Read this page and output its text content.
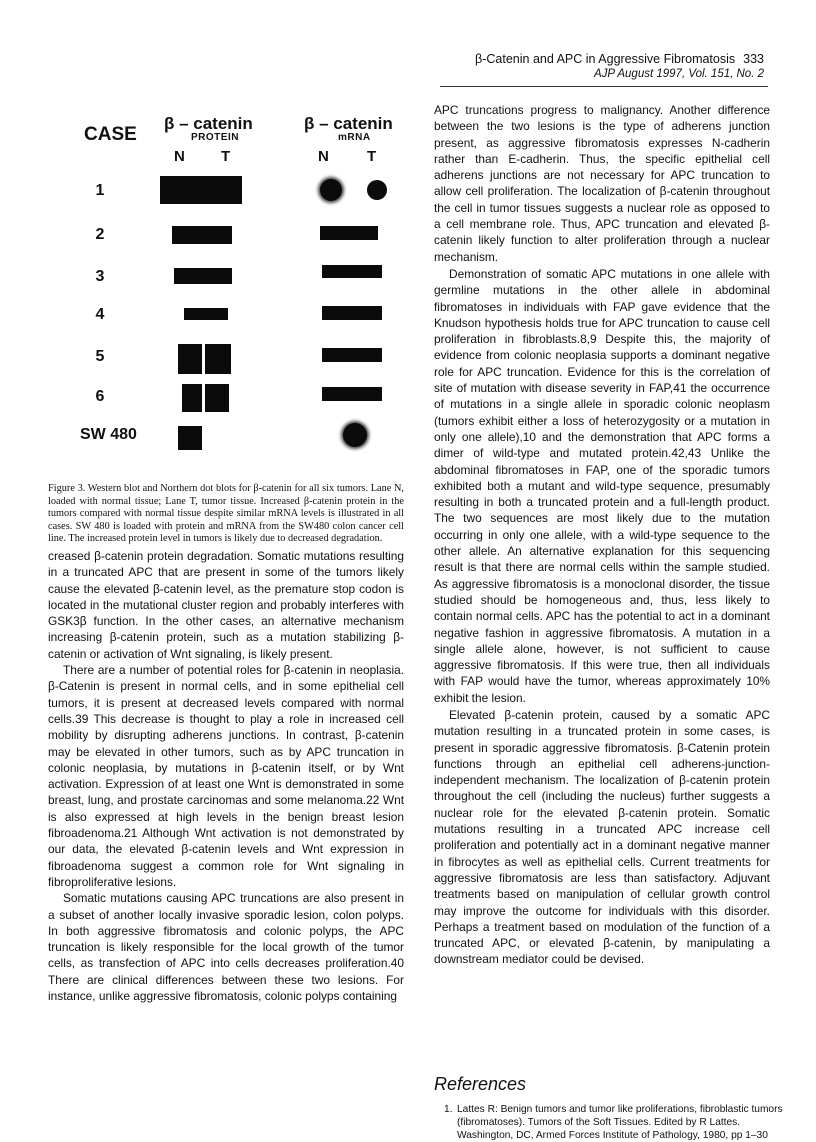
β-Catenin and APC in Aggressive Fibromatosis 333
AJP August 1997, Vol. 151, No. 2
CASE
β – catenin
PROTEIN
β – catenin
mRNA
N T	N	T
1
2
3
4
5
6
SW 480
Figure 3. Western blot and Northern dot blots for β-catenin for all six tumors. Lane N, loaded with normal tissue; Lane T, tumor tissue. Increased β-catenin protein in the tumors compared with normal tissue despite similar mRNA levels is illustrated in all cases. SW 480 is loaded with protein and mRNA from the SW480 colon cancer cell line. The increased protein level in tumors is likely due to decreased degradation.

creased β-catenin protein degradation. Somatic mutations resulting in a truncated APC that are present in some of the tumors likely cause the elevated β-catenin level, as the premature stop codon is located in the mutational cluster region and probably interferes with GSK3β function. In the other cases, an alternative mechanism increasing β-catenin protein, such as a mutation stabilizing β-catenin or activation of Wnt signaling, is likely present.

There are a number of potential roles for β-catenin in neoplasia. β-Catenin is present in normal cells, and in some epithelial cell tumors, it is present at decreased levels compared with normal cells.39 This decrease is thought to play a role in increased cell mobility by disrupting adherens junctions. In contrast, β-catenin may be elevated in other tumors, such as by APC truncation in colonic neoplasia, by mutations in β-catenin itself, or by Wnt activation. Expression of at least one Wnt is demonstrated in some breast, lung, and prostate carcinomas and some melanoma.22 Wnt is also expressed at high levels in the benign breast lesion fibroadenoma.21 Although Wnt activation is not demonstrated by our data, the elevated β-catenin levels and Wnt expression in fibroadenoma suggest a common role for Wnt signaling in fibroproliferative lesions.

Somatic mutations causing APC truncations are also present in a subset of another locally invasive sporadic lesion, colon polyps. In both aggressive fibromatosis and colonic polyps, the APC truncation is likely responsible for the local growth of the tumor cells, as transfection of APC into cells decreases proliferation.40 There are clinical differences between these two lesions. For instance, unlike aggressive fibromatosis, colonic polyps containing

APC truncations progress to malignancy. Another difference between the two lesions is the type of adherens junction present, as aggressive fibromatosis expresses N-cadherin rather than E-cadherin. Thus, the specific epithelial cell adherens junctions are not necessary for APC truncation to allow cell proliferation. The localization of β-catenin throughout the cell in tumor tissues suggests a nuclear role as opposed to a cell membrane role. Thus, APC truncation and elevated β-catenin likely function to alter proliferation through a nuclear mechanism.

Demonstration of somatic APC mutations in one allele with germline mutations in the other allele in abdominal fibromatoses in individuals with FAP gave evidence that the Knudson hypothesis holds true for APC truncation to cause cell proliferation in fibroblasts.8,9 Despite this, the majority of evidence from colonic neoplasia supports a dominant negative role for APC truncation. Evidence for this is the correlation of site of mutation with disease severity in FAP,41 the occurrence of mutations in a single allele in sporadic colonic neoplasm (tumors exhibit either a loss of heterozygosity or a mutation in only one allele),10 and the demonstration that APC forms a dimer of wild-type and mutated protein.42,43 Unlike the abdominal fibromatoses in FAP, one of the sporadic tumors exhibited both a mutant and wild-type sequence, presumably resulting in both a truncated protein and a full-length product. The two sequences are most likely due to the mutation occurring in only one allele, with a wild-type sequence to the other allele. An alternative explanation for this sequencing result is that there are normal cells within the sample studied. As aggressive fibromatosis is a monoclonal disorder, the tissue studied should be homogeneous and, thus, less likely to contain normal cells. APC has the potential to act in a dominant negative fashion in aggressive fibromatosis. A mutation in a single allele alone, however, is not sufficient to cause aggressive fibromatosis. If this were true, then all individuals with FAP would have the tumor, whereas approximately 10% exhibit the lesion.

Elevated β-catenin protein, caused by a somatic APC mutation resulting in a truncated protein in some cases, is present in sporadic aggressive fibromatosis. β-Catenin protein functions through an epithelial cell adherens-junction-independent mechanism. The localization of β-catenin protein throughout the cell (including the nucleus) further suggests a nuclear role for the elevated β-catenin protein. Somatic mutations resulting in a truncated APC increase cell proliferation and potentially act in a dominant negative manner in fibrocytes as well as epithelial cells. Current treatments for aggressive fibromatosis are less than satisfactory. Adjuvant treatments based on manipulation of cellular growth control may improve the outcome for individuals with this disorder. Perhaps a treatment based on modulation of the function of a truncated APC, or elevated β-catenin, by manipulating a downstream mediator could be devised.

References
1. Lattes R: Benign tumors and tumor like proliferations, fibroblastic tumors (fibromatoses). Tumors of the Soft Tissues. Edited by R Lattes. Washington, DC, Armed Forces Institute of Pathology, 1980, pp 1–30
